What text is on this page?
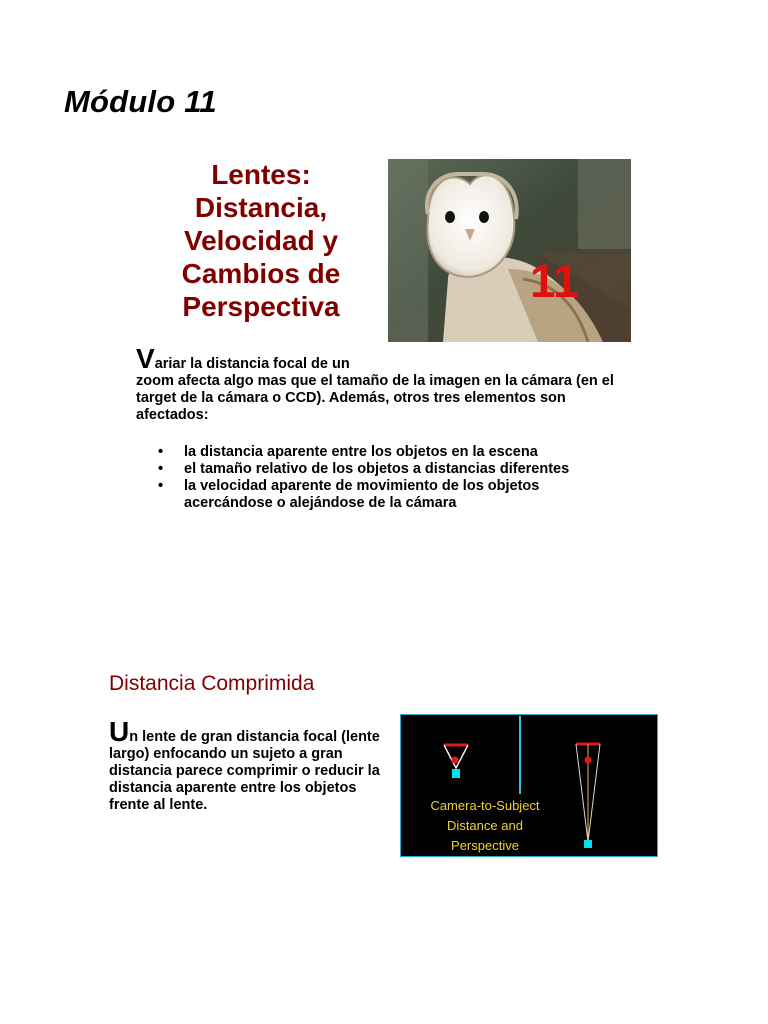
Módulo 11
Lentes:
Distancia,
Velocidad y
Cambios de
Perspectiva	11
Variar la distancia focal de un

zoom afecta algo mas que el tamaño de la imagen en la cámara (en el target de la cámara o CCD). Además, otros tres elementos son afectados:

• la distancia aparente entre los objetos en la escena
• el tamaño relativo de los objetos a distancias diferentes
• la velocidad aparente de movimiento de los objetos acercándose o alejándose de la cámara
Distancia Comprimida
Un lente de gran distancia focal (lente largo) enfocando un sujeto a gran distancia parece comprimir o reducir la distancia aparente entre los objetos frente al lente.	Camera-to-Subject
Distance and
Perspective
